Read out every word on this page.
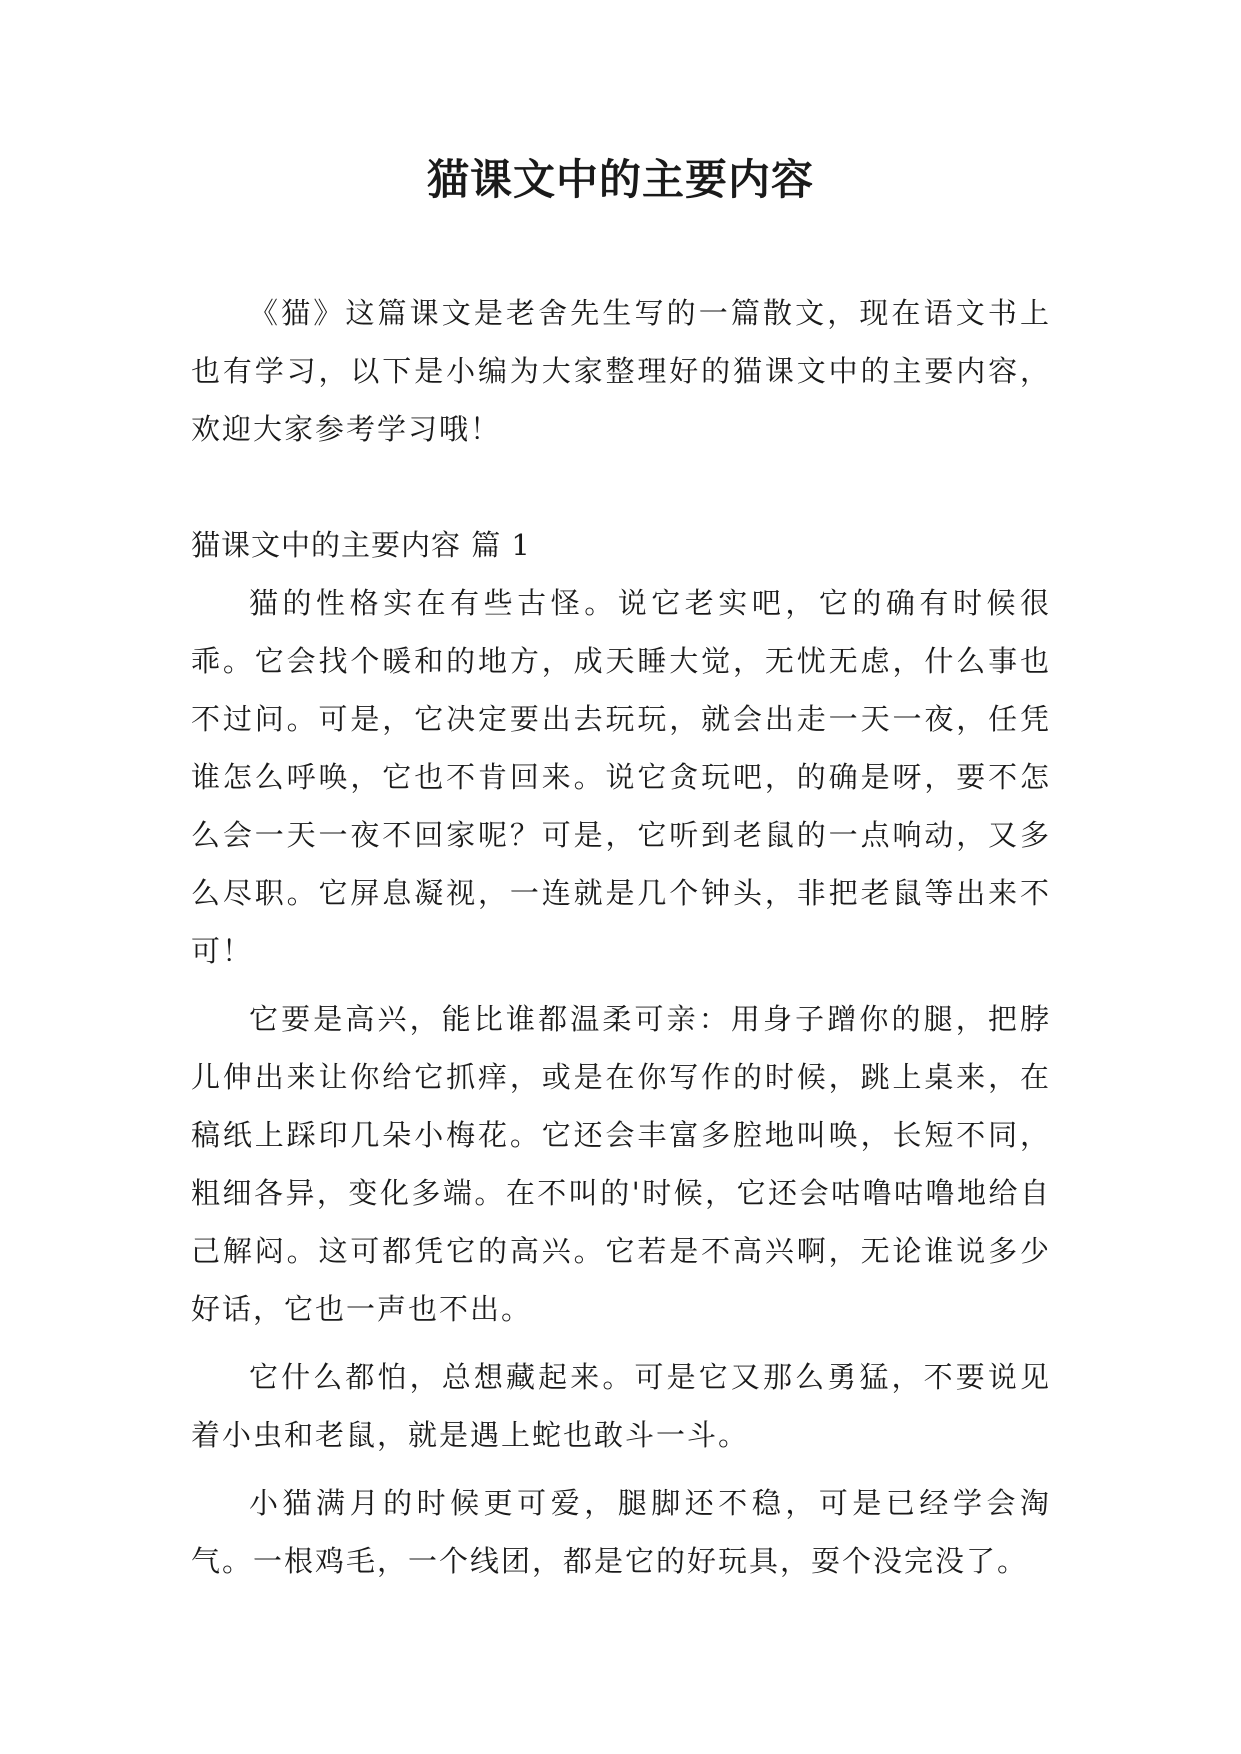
猫课文中的主要内容

《猫》这篇课文是老舍先生写的一篇散文，现在语文书上也有学习，以下是小编为大家整理好的猫课文中的主要内容，欢迎大家参考学习哦！

猫课文中的主要内容 篇 1

猫的性格实在有些古怪。说它老实吧，它的确有时候很乖。它会找个暖和的地方，成天睡大觉，无忧无虑，什么事也不过问。可是，它决定要出去玩玩，就会出走一天一夜，任凭谁怎么呼唤，它也不肯回来。说它贪玩吧，的确是呀，要不怎么会一天一夜不回家呢？可是，它听到老鼠的一点响动，又多么尽职。它屏息凝视，一连就是几个钟头，非把老鼠等出来不可！

它要是高兴，能比谁都温柔可亲：用身子蹭你的腿，把脖儿伸出来让你给它抓痒，或是在你写作的时候，跳上桌来，在稿纸上踩印几朵小梅花。它还会丰富多腔地叫唤，长短不同，粗细各异，变化多端。在不叫的'时候，它还会咕噜咕噜地给自己解闷。这可都凭它的高兴。它若是不高兴啊，无论谁说多少好话，它也一声也不出。

它什么都怕，总想藏起来。可是它又那么勇猛，不要说见着小虫和老鼠，就是遇上蛇也敢斗一斗。

小猫满月的时候更可爱，腿脚还不稳，可是已经学会淘气。一根鸡毛，一个线团，都是它的好玩具，耍个没完没了。
